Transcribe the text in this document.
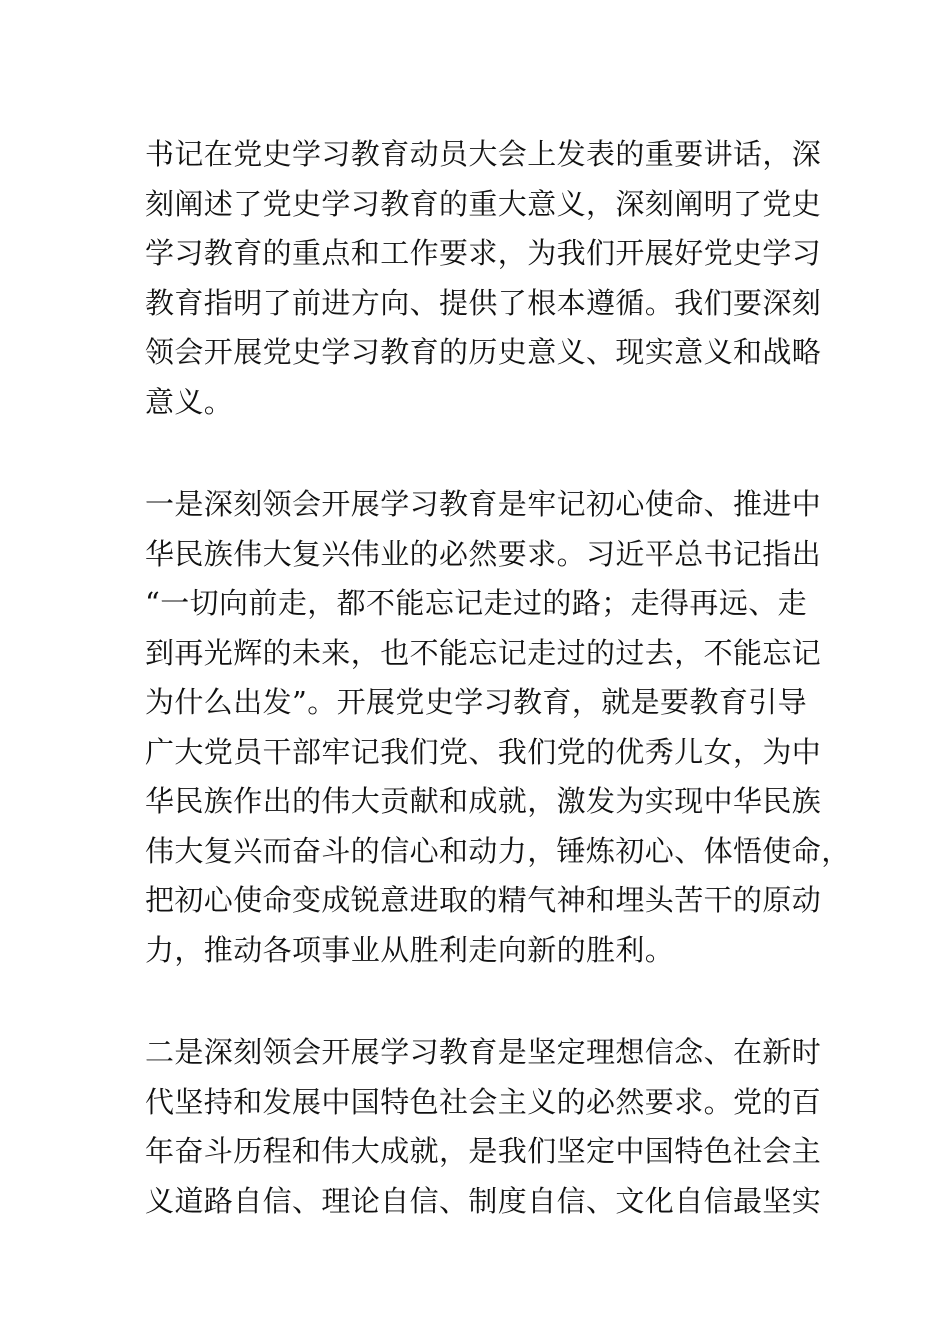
书记在党史学习教育动员大会上发表的重要讲话，深
刻阐述了党史学习教育的重大意义，深刻阐明了党史
学习教育的重点和工作要求，为我们开展好党史学习
教育指明了前进方向、提供了根本遵循。我们要深刻
领会开展党史学习教育的历史意义、现实意义和战略
意义。
一是深刻领会开展学习教育是牢记初心使命、推进中
华民族伟大复兴伟业的必然要求。习近平总书记指出
“一切向前走，都不能忘记走过的路；走得再远、走
到再光辉的未来，也不能忘记走过的过去，不能忘记
为什么出发”。开展党史学习教育，就是要教育引导
广大党员干部牢记我们党、我们党的优秀儿女，为中
华民族作出的伟大贡献和成就，激发为实现中华民族
伟大复兴而奋斗的信心和动力，锤炼初心、体悟使命，
把初心使命变成锐意进取的精气神和埋头苦干的原动
力，推动各项事业从胜利走向新的胜利。
二是深刻领会开展学习教育是坚定理想信念、在新时
代坚持和发展中国特色社会主义的必然要求。党的百
年奋斗历程和伟大成就，是我们坚定中国特色社会主
义道路自信、理论自信、制度自信、文化自信最坚实
